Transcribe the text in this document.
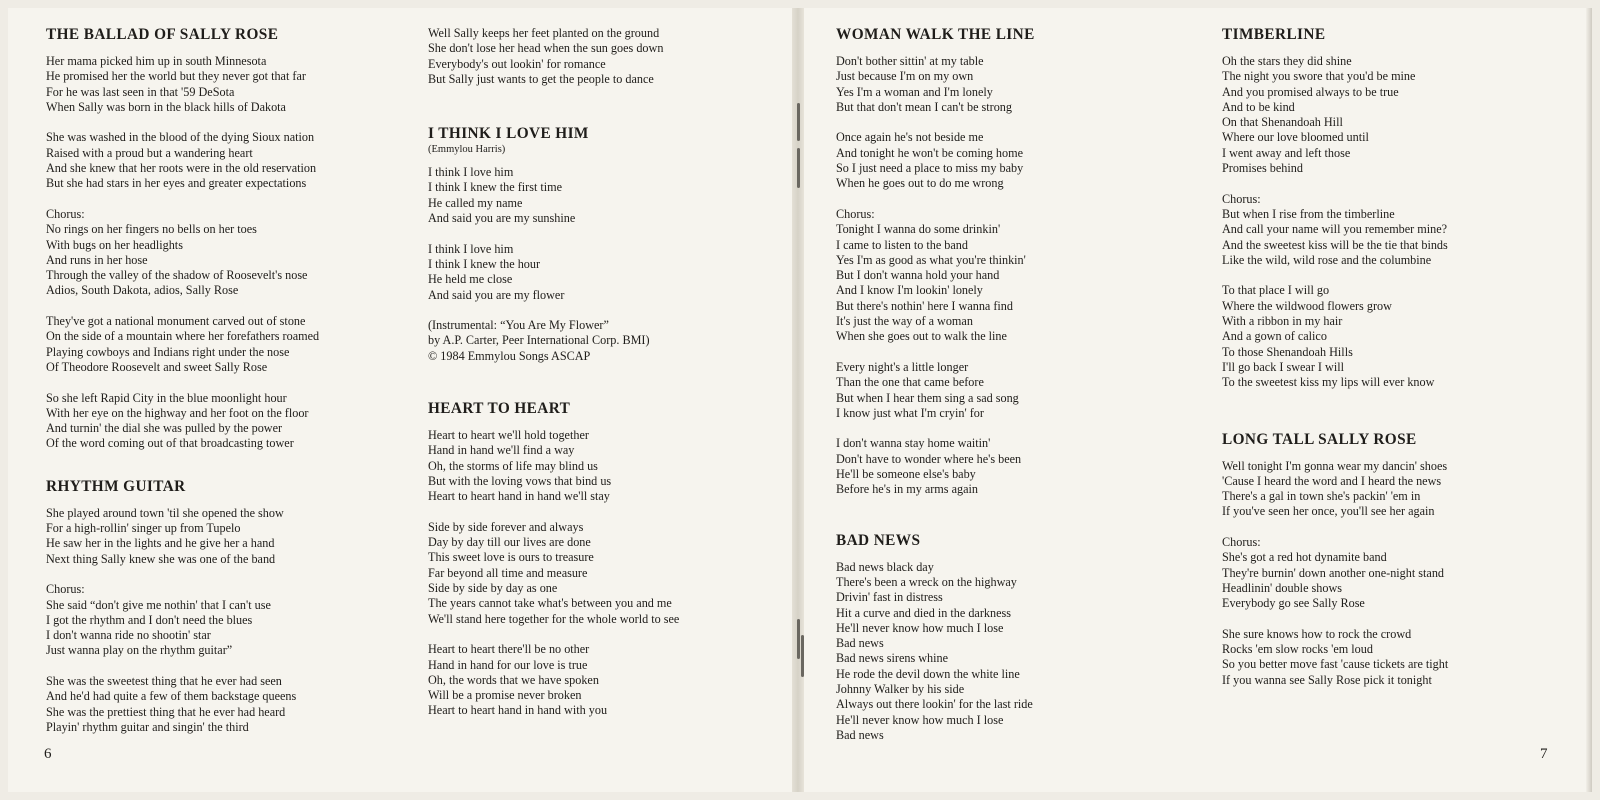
THE BALLAD OF SALLY ROSE

Her mama picked him up in south Minnesota
He promised her the world but they never got that far
For he was last seen in that '59 DeSota
When Sally was born in the black hills of Dakota

She was washed in the blood of the dying Sioux nation
Raised with a proud but a wandering heart
And she knew that her roots were in the old reservation
But she had stars in her eyes and greater expectations

Chorus:
No rings on her fingers no bells on her toes
With bugs on her headlights
And runs in her hose
Through the valley of the shadow of Roosevelt's nose
Adios, South Dakota, adios, Sally Rose

They've got a national monument carved out of stone
On the side of a mountain where her forefathers roamed
Playing cowboys and Indians right under the nose
Of Theodore Roosevelt and sweet Sally Rose

So she left Rapid City in the blue moonlight hour
With her eye on the highway and her foot on the floor
And turnin' the dial she was pulled by the power
Of the word coming out of that broadcasting tower

RHYTHM GUITAR

She played around town 'til she opened the show
For a high-rollin' singer up from Tupelo
He saw her in the lights and he give her a hand
Next thing Sally knew she was one of the band

Chorus:
She said “don't give me nothin' that I can't use
I got the rhythm and I don't need the blues
I don't wanna ride no shootin' star
Just wanna play on the rhythm guitar”

She was the sweetest thing that he ever had seen
And he'd had quite a few of them backstage queens
She was the prettiest thing that he ever had heard
Playin' rhythm guitar and singin' the third

Well Sally keeps her feet planted on the ground
She don't lose her head when the sun goes down
Everybody's out lookin' for romance
But Sally just wants to get the people to dance

I THINK I LOVE HIM
(Emmylou Harris)

I think I love him
I think I knew the first time
He called my name
And said you are my sunshine

I think I love him
I think I knew the hour
He held me close
And said you are my flower

(Instrumental: “You Are My Flower”
by A.P. Carter, Peer International Corp. BMI)
© 1984 Emmylou Songs ASCAP

HEART TO HEART

Heart to heart we'll hold together
Hand in hand we'll find a way
Oh, the storms of life may blind us
But with the loving vows that bind us
Heart to heart hand in hand we'll stay

Side by side forever and always
Day by day till our lives are done
This sweet love is ours to treasure
Far beyond all time and measure
Side by side by day as one
The years cannot take what's between you and me
We'll stand here together for the whole world to see

Heart to heart there'll be no other
Hand in hand for our love is true
Oh, the words that we have spoken
Will be a promise never broken
Heart to heart hand in hand with you

6
WOMAN WALK THE LINE

Don't bother sittin' at my table
Just because I'm on my own
Yes I'm a woman and I'm lonely
But that don't mean I can't be strong

Once again he's not beside me
And tonight he won't be coming home
So I just need a place to miss my baby
When he goes out to do me wrong

Chorus:
Tonight I wanna do some drinkin'
I came to listen to the band
Yes I'm as good as what you're thinkin'
But I don't wanna hold your hand
And I know I'm lookin' lonely
But there's nothin' here I wanna find
It's just the way of a woman
When she goes out to walk the line

Every night's a little longer
Than the one that came before
But when I hear them sing a sad song
I know just what I'm cryin' for

I don't wanna stay home waitin'
Don't have to wonder where he's been
He'll be someone else's baby
Before he's in my arms again

BAD NEWS

Bad news black day
There's been a wreck on the highway
Drivin' fast in distress
Hit a curve and died in the darkness
He'll never know how much I lose
Bad news
Bad news sirens whine
He rode the devil down the white line
Johnny Walker by his side
Always out there lookin' for the last ride
He'll never know how much I lose
Bad news

TIMBERLINE

Oh the stars they did shine
The night you swore that you'd be mine
And you promised always to be true
And to be kind
On that Shenandoah Hill
Where our love bloomed until
I went away and left those
Promises behind

Chorus:
But when I rise from the timberline
And call your name will you remember mine?
And the sweetest kiss will be the tie that binds
Like the wild, wild rose and the columbine

To that place I will go
Where the wildwood flowers grow
With a ribbon in my hair
And a gown of calico
To those Shenandoah Hills
I'll go back I swear I will
To the sweetest kiss my lips will ever know

LONG TALL SALLY ROSE

Well tonight I'm gonna wear my dancin' shoes
'Cause I heard the word and I heard the news
There's a gal in town she's packin' 'em in
If you've seen her once, you'll see her again

Chorus:
She's got a red hot dynamite band
They're burnin' down another one-night stand
Headlinin' double shows
Everybody go see Sally Rose

She sure knows how to rock the crowd
Rocks 'em slow rocks 'em loud
So you better move fast 'cause tickets are tight
If you wanna see Sally Rose pick it tonight

7
